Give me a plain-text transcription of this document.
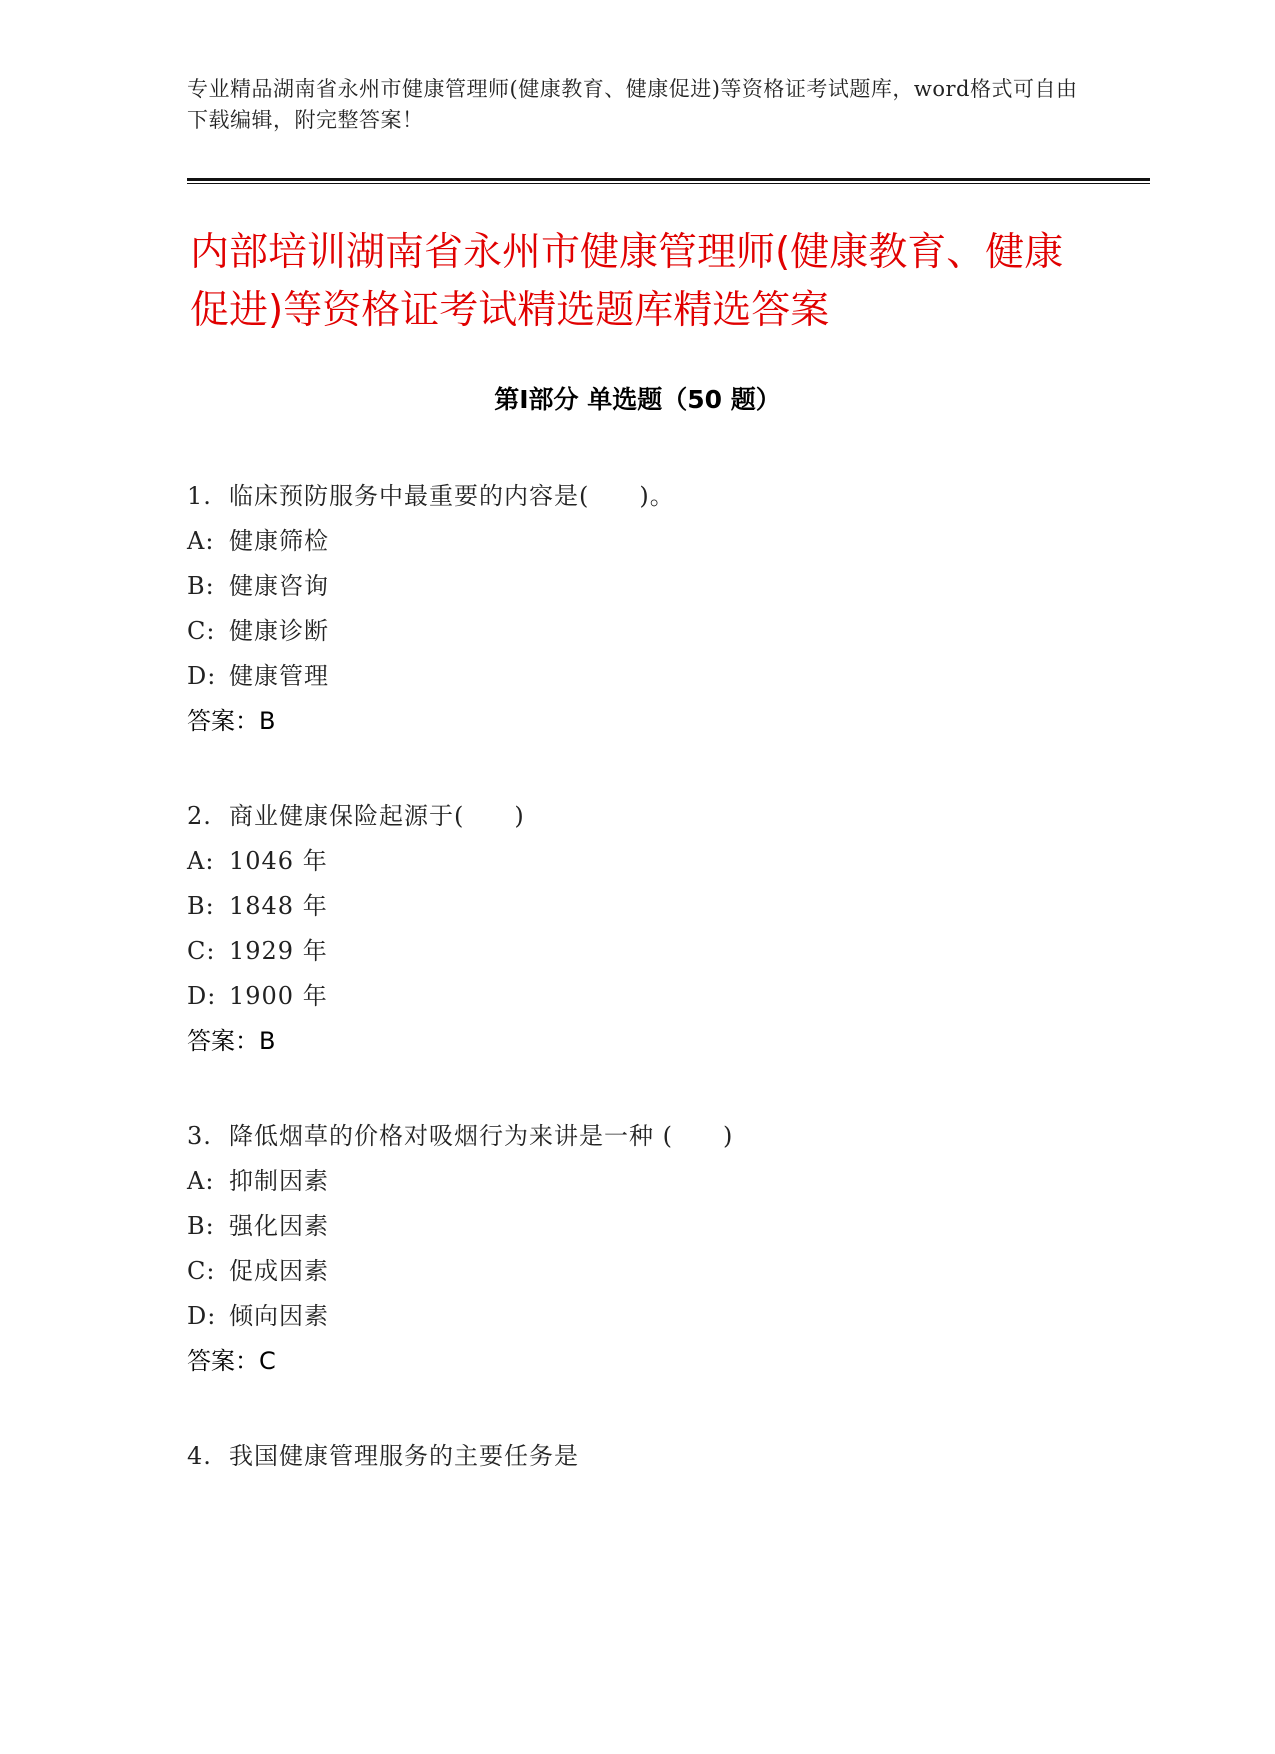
专业精品湖南省永州市健康管理师(健康教育、健康促进)等资格证考试题库，word格式可自由下载编辑，附完整答案！
内部培训湖南省永州市健康管理师(健康教育、健康促进)等资格证考试精选题库精选答案
第Ⅰ部分 单选题（50 题）
1. 临床预防服务中最重要的内容是(　　)。
A: 健康筛检
B: 健康咨询
C: 健康诊断
D: 健康管理
答案：B
2. 商业健康保险起源于(　　)
A: 1046 年
B: 1848 年
C: 1929 年
D: 1900 年
答案：B
3. 降低烟草的价格对吸烟行为来讲是一种 (　　)
A: 抑制因素
B: 强化因素
C: 促成因素
D: 倾向因素
答案：C
4. 我国健康管理服务的主要任务是
